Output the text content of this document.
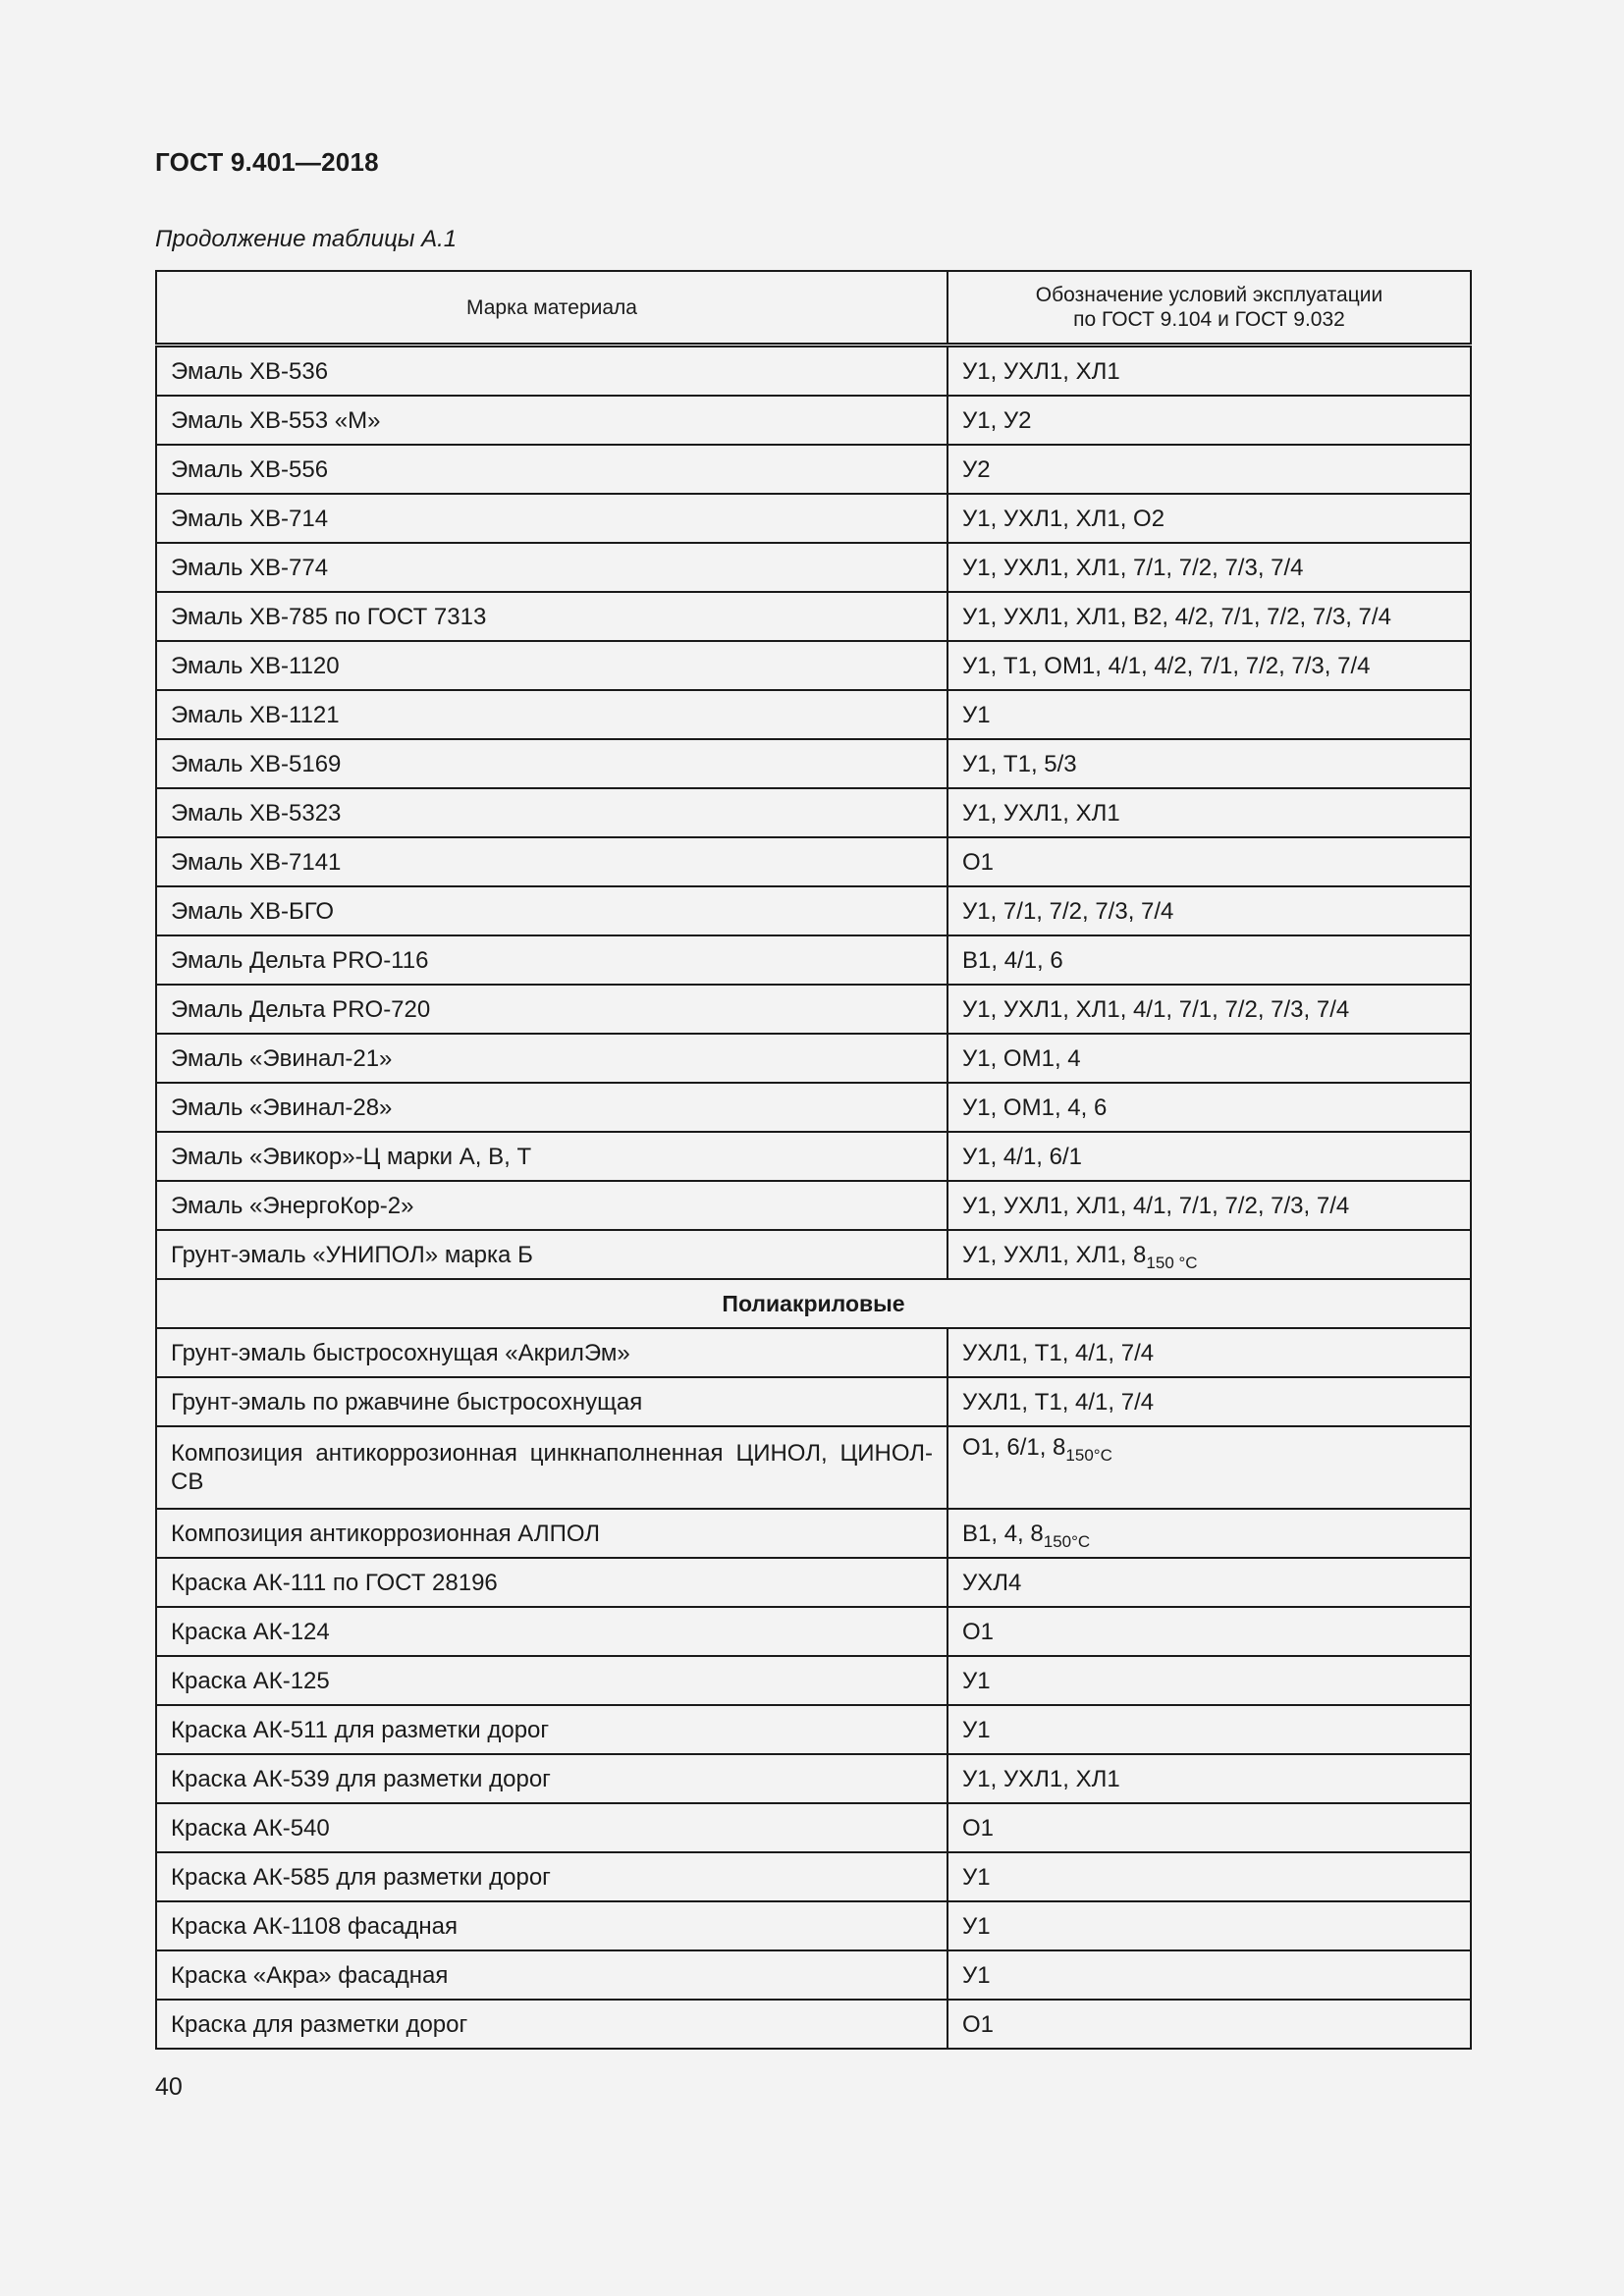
ГОСТ 9.401—2018
Продолжение таблицы А.1
Марка материала	Обозначение условий эксплуатации
по ГОСТ 9.104 и ГОСТ 9.032
Эмаль ХВ-536	У1, УХЛ1, ХЛ1
Эмаль ХВ-553 «М»	У1, У2
Эмаль ХВ-556	У2
Эмаль ХВ-714	У1, УХЛ1, ХЛ1, О2
Эмаль ХВ-774	У1, УХЛ1, ХЛ1, 7/1, 7/2, 7/3, 7/4
Эмаль ХВ-785 по ГОСТ 7313	У1, УХЛ1, ХЛ1, В2, 4/2, 7/1, 7/2, 7/3, 7/4
Эмаль ХВ-1120	У1, Т1, ОМ1, 4/1, 4/2, 7/1, 7/2, 7/3, 7/4
Эмаль ХВ-1121	У1
Эмаль ХВ-5169	У1, Т1, 5/3
Эмаль ХВ-5323	У1, УХЛ1, ХЛ1
Эмаль ХВ-7141	О1
Эмаль ХВ-БГО	У1, 7/1, 7/2, 7/3, 7/4
Эмаль Дельта PRO-116	В1, 4/1, 6
Эмаль Дельта PRO-720	У1, УХЛ1, ХЛ1, 4/1, 7/1, 7/2, 7/3, 7/4
Эмаль «Эвинал-21»	У1, ОМ1, 4
Эмаль «Эвинал-28»	У1, ОМ1, 4, 6
Эмаль «Эвикор»-Ц марки А, В, Т	У1, 4/1, 6/1
Эмаль «ЭнергоКор-2»	У1, УХЛ1, ХЛ1, 4/1, 7/1, 7/2, 7/3, 7/4
Грунт-эмаль «УНИПОЛ» марка Б	У1, УХЛ1, ХЛ1, $8_{150 ^\circ С}$
Полиакриловые	
Грунт-эмаль быстросохнущая «АкрилЭм»	УХЛ1, Т1, 4/1, 7/4
Грунт-эмаль по ржавчине быстросохнущая	УХЛ1, Т1, 4/1, 7/4
Композиция антикоррозионная цинкнаполненная ЦИНОЛ, ЦИНОЛ-СВ	О1, 6/1, $8_{150^\circ С}$
Композиция антикоррозионная АЛПОЛ	В1, 4, $8_{150^\circ С}$
Краска АК-111 по ГОСТ 28196	УХЛ4
Краска АК-124	О1
Краска АК-125	У1
Краска АК-511 для разметки дорог	У1
Краска АК-539 для разметки дорог	У1, УХЛ1, ХЛ1
Краска АК-540	О1
Краска АК-585 для разметки дорог	У1
Краска АК-1108 фасадная	У1
Краска «Акра» фасадная	У1
Краска для разметки дорог	О1
40
